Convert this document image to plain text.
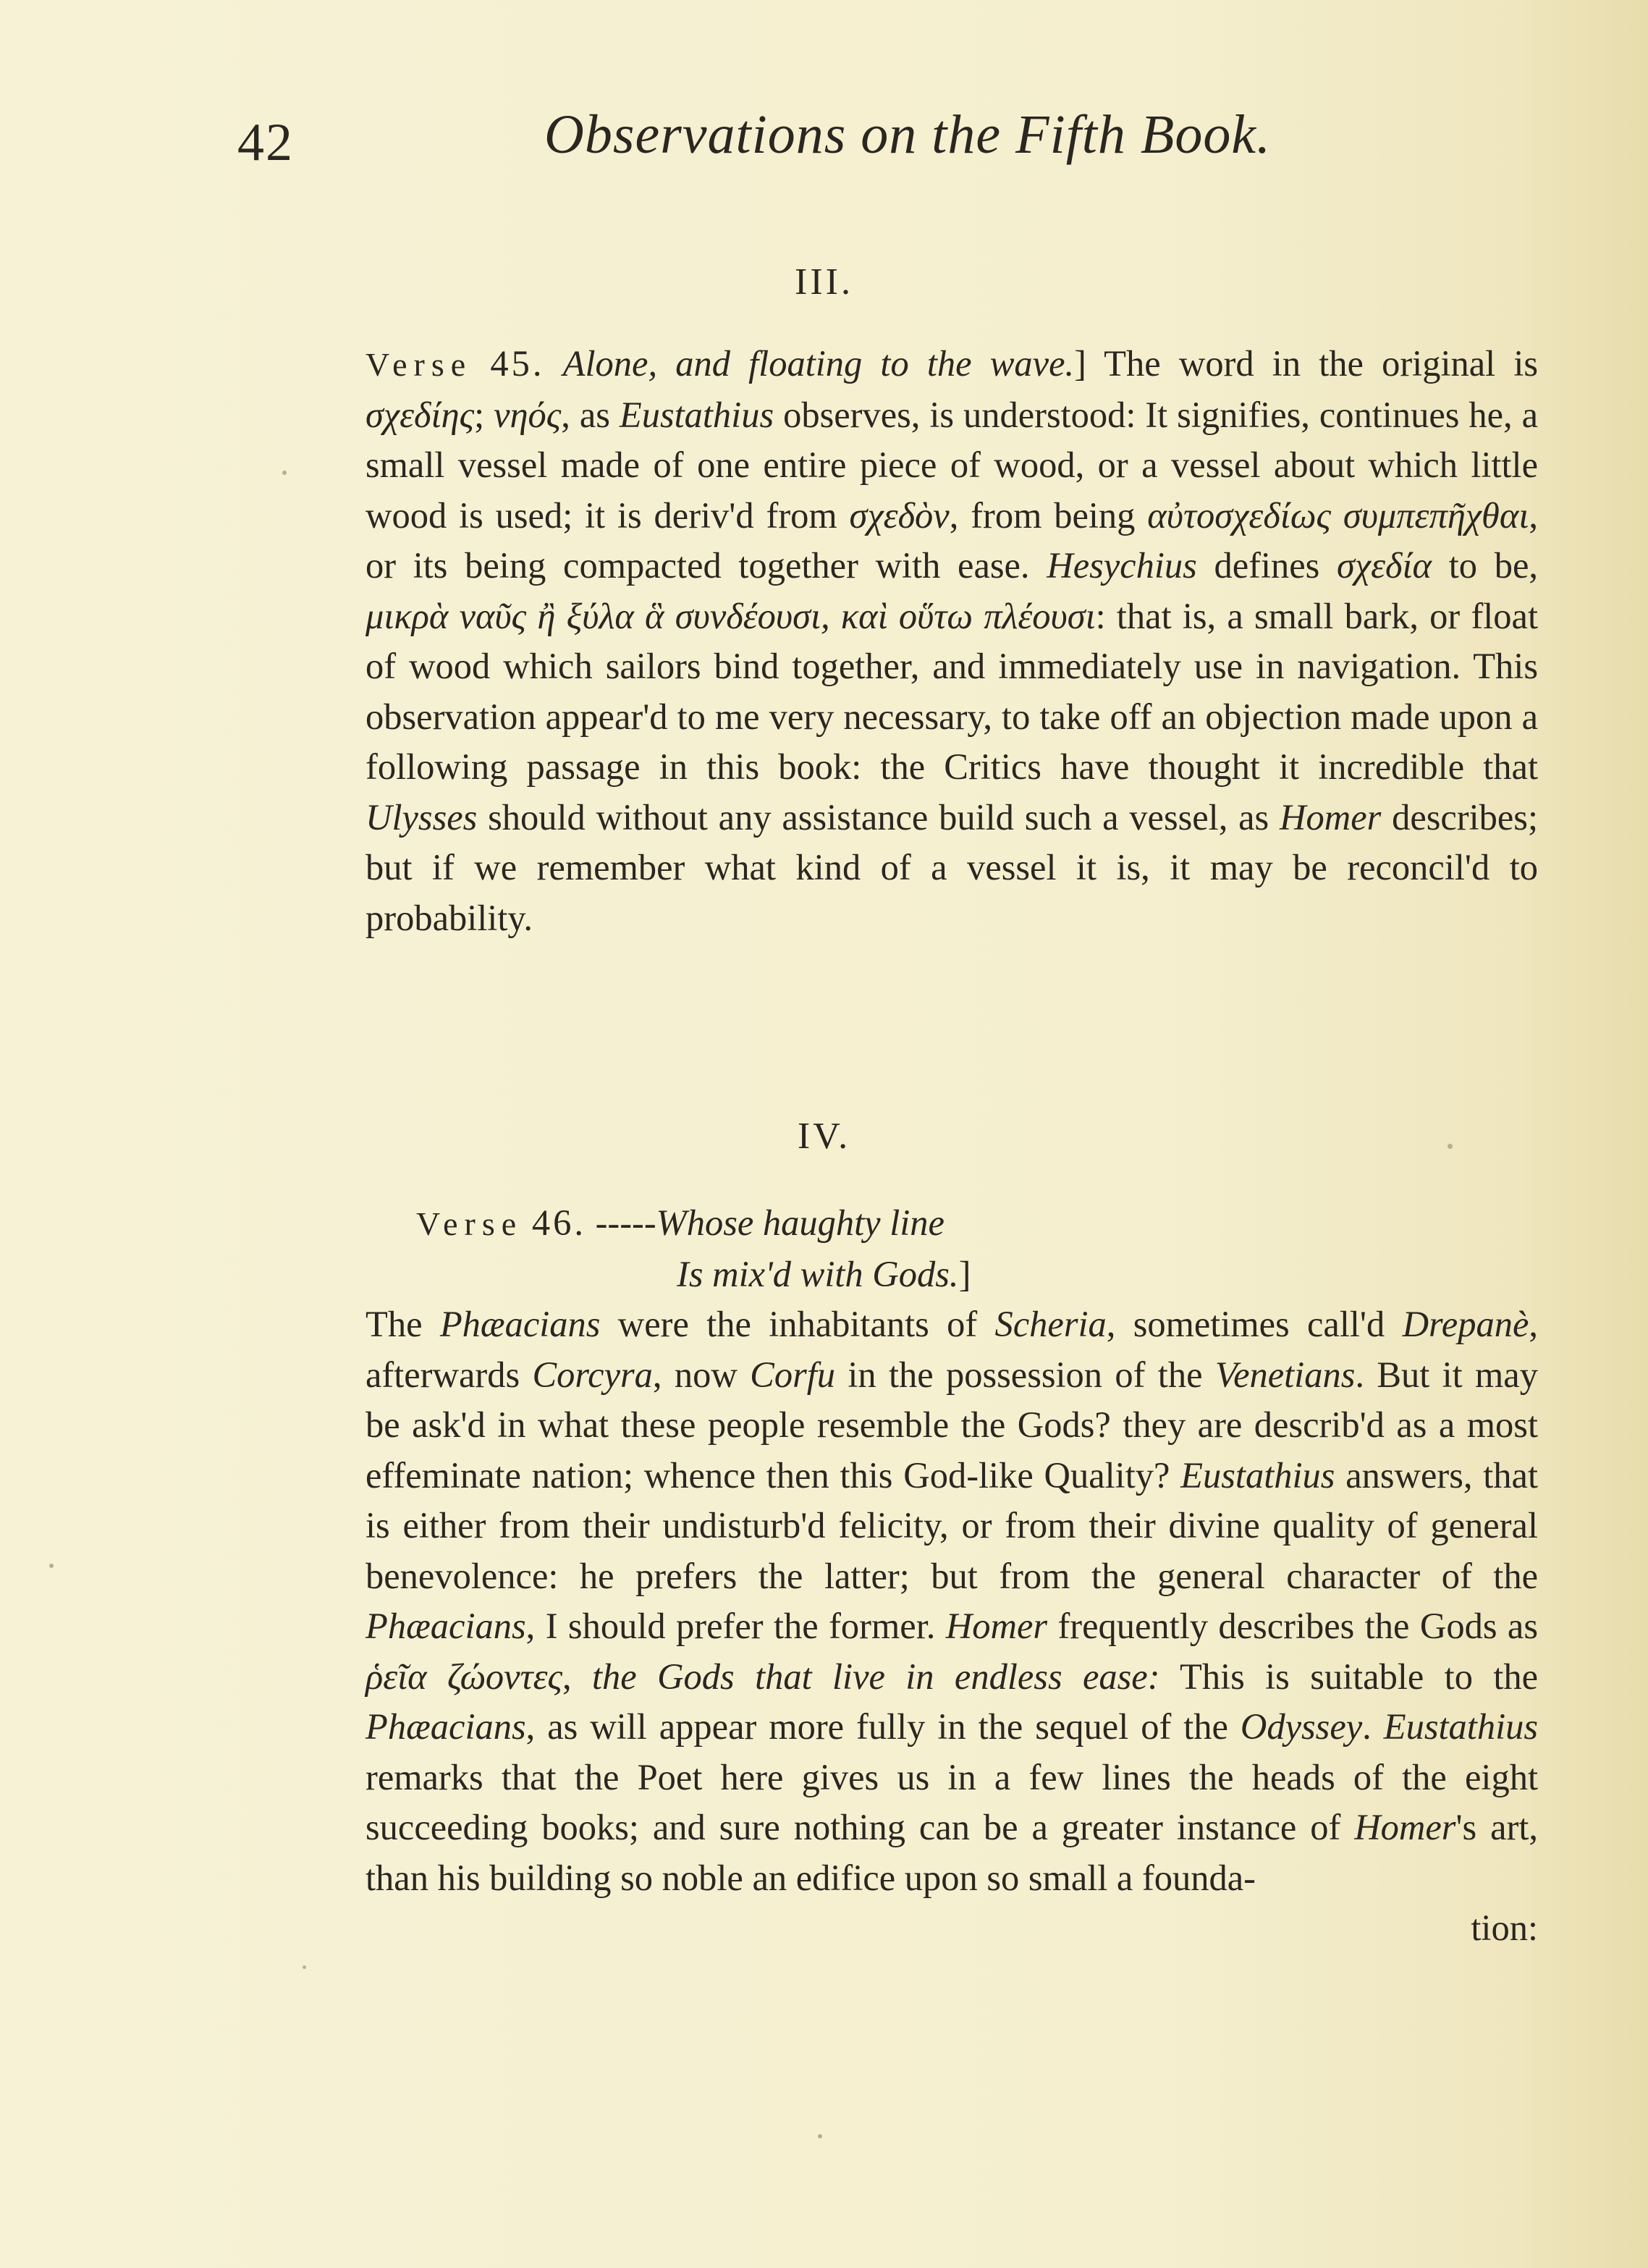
42	Observations on the Fifth Book.
III.
Verse 45. Alone, and floating to the wave.] The word in the original is σχεδίης; νηός, as Eustathius observes, is understood: It signifies, continues he, a small vessel made of one entire piece of wood, or a vessel about which little wood is used; it is deriv'd from σχεδὸν, from being αὐτοσχεδίως συμπεπῆχθαι, or its being compacted together with ease. Hesychius defines σχεδία to be, μικρὰ ναῦς ἢ ξύλα ἃ συνδέουσι, καὶ οὕτω πλέουσι: that is, a small bark, or float of wood which sailors bind together, and immediately use in navigation. This observation appear'd to me very necessary, to take off an objection made upon a following passage in this book: the Critics have thought it incredible that Ulysses should without any assistance build such a vessel, as Homer describes; but if we remember what kind of a vessel it is, it may be reconcil'd to probability.
IV.
Verse 46. -----Whose haughty line
Is mix'd with Gods.]
The Phæacians were the inhabitants of Scheria, sometimes call'd Drepanè, afterwards Corcyra, now Corfu in the possession of the Venetians. But it may be ask'd in what these people resemble the Gods? they are describ'd as a most effeminate nation; whence then this God-like Quality? Eustathius answers, that is either from their undisturb'd felicity, or from their divine quality of general benevolence: he prefers the latter; but from the general character of the Phæacians, I should prefer the former. Homer frequently describes the Gods as ῥεῖα ζώοντες, the Gods that live in endless ease: This is suitable to the Phæacians, as will appear more fully in the sequel of the Odyssey. Eustathius remarks that the Poet here gives us in a few lines the heads of the eight succeeding books; and sure nothing can be a greater instance of Homer's art, than his building so noble an edifice upon so small a founda-
tion:
